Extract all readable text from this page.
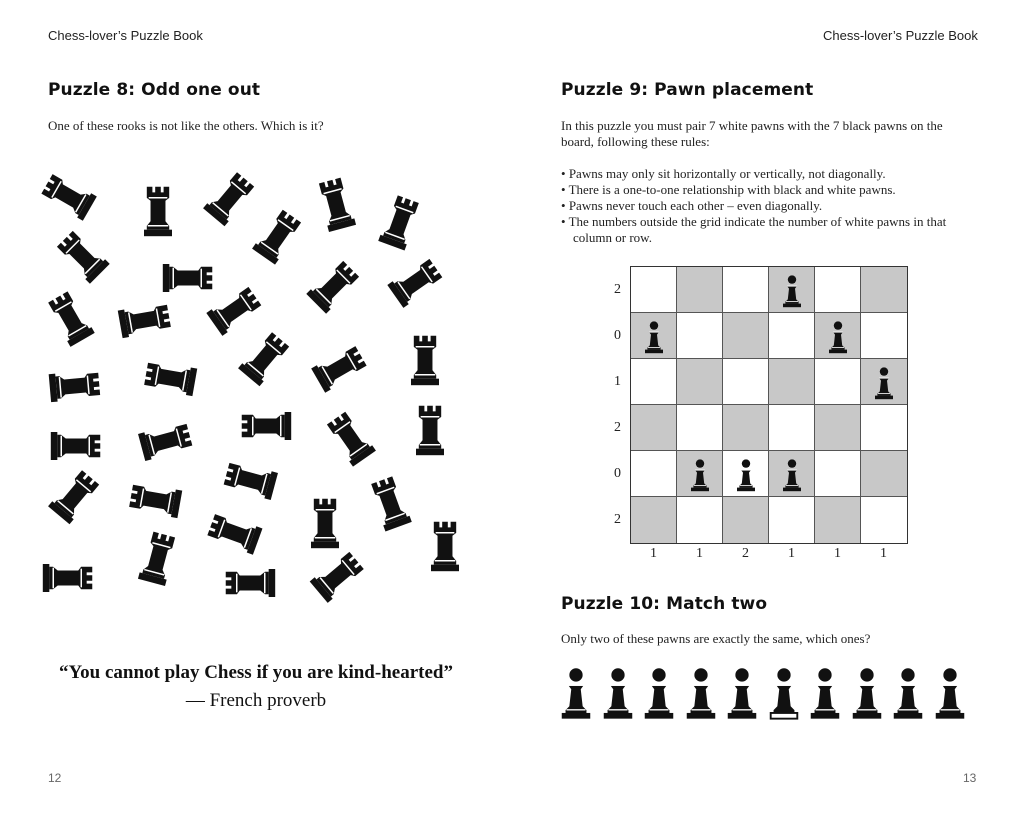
Chess-lover’s Puzzle Book
Puzzle 8: Odd one out

One of these rooks is not like the others. Which is it?

“You cannot play Chess if you are kind-hearted”
— French proverb
12
Chess-lover’s Puzzle Book
Puzzle 9: Pawn placement

In this puzzle you must pair 7 white pawns with the 7 black pawns on the board, following these rules:

• Pawns may only sit horizontally or vertically, not diagonally.
• There is a one-to-one relationship with black and white pawns.
• Pawns never touch each other – even diagonally.
• The numbers outside the grid indicate the number of white pawns in that column or row.
2
0
1
2
0
2
1	1	2	1	1	1
Puzzle 10: Match two

Only two of these pawns are exactly the same, which ones?

13
